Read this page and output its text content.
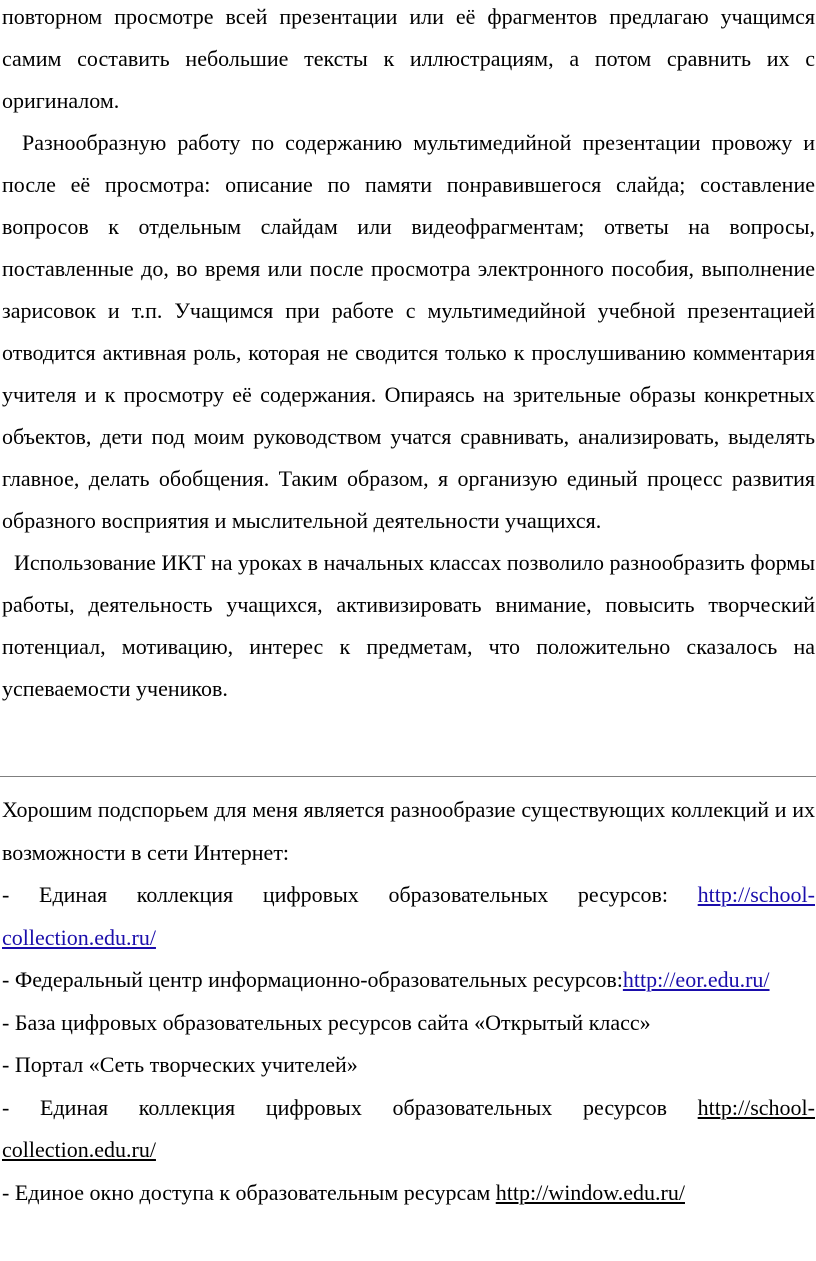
повторном просмотре всей презентации или её фрагментов предлагаю учащимся самим составить небольшие тексты к иллюстрациям, а потом сравнить их с оригиналом.

Разнообразную работу по содержанию мультимедийной презентации провожу и после её просмотра: описание по памяти понравившегося слайда; составление вопросов к отдельным слайдам или видеофрагментам; ответы на вопросы, поставленные до, во время или после просмотра электронного пособия, выполнение зарисовок и т.п. Учащимся при работе с мультимедийной учебной презентацией отводится активная роль, которая не сводится только к прослушиванию комментария учителя и к просмотру её содержания. Опираясь на зрительные образы конкретных объектов, дети под моим руководством учатся сравнивать, анализировать, выделять главное, делать обобщения. Таким образом, я организую единый процесс развития образного восприятия и мыслительной деятельности учащихся.

Использование ИКТ на уроках в начальных классах позволило разнообразить формы работы, деятельность учащихся, активизировать внимание, повысить творческий потенциал, мотивацию, интерес к предметам, что положительно сказалось на успеваемости учеников.

Хорошим подспорьем для меня является разнообразие существующих коллекций и их возможности в сети Интернет:

- Единая коллекция цифровых образовательных ресурсов: http://school-collection.edu.ru/

- Федеральный центр информационно-образовательных ресурсов:http://eor.edu.ru/

- База цифровых образовательных ресурсов сайта «Открытый класс»

- Портал «Сеть творческих учителей»

- Единая коллекция цифровых образовательных ресурсов http://school-collection.edu.ru/

- Единое окно доступа к образовательным ресурсам http://window.edu.ru/
